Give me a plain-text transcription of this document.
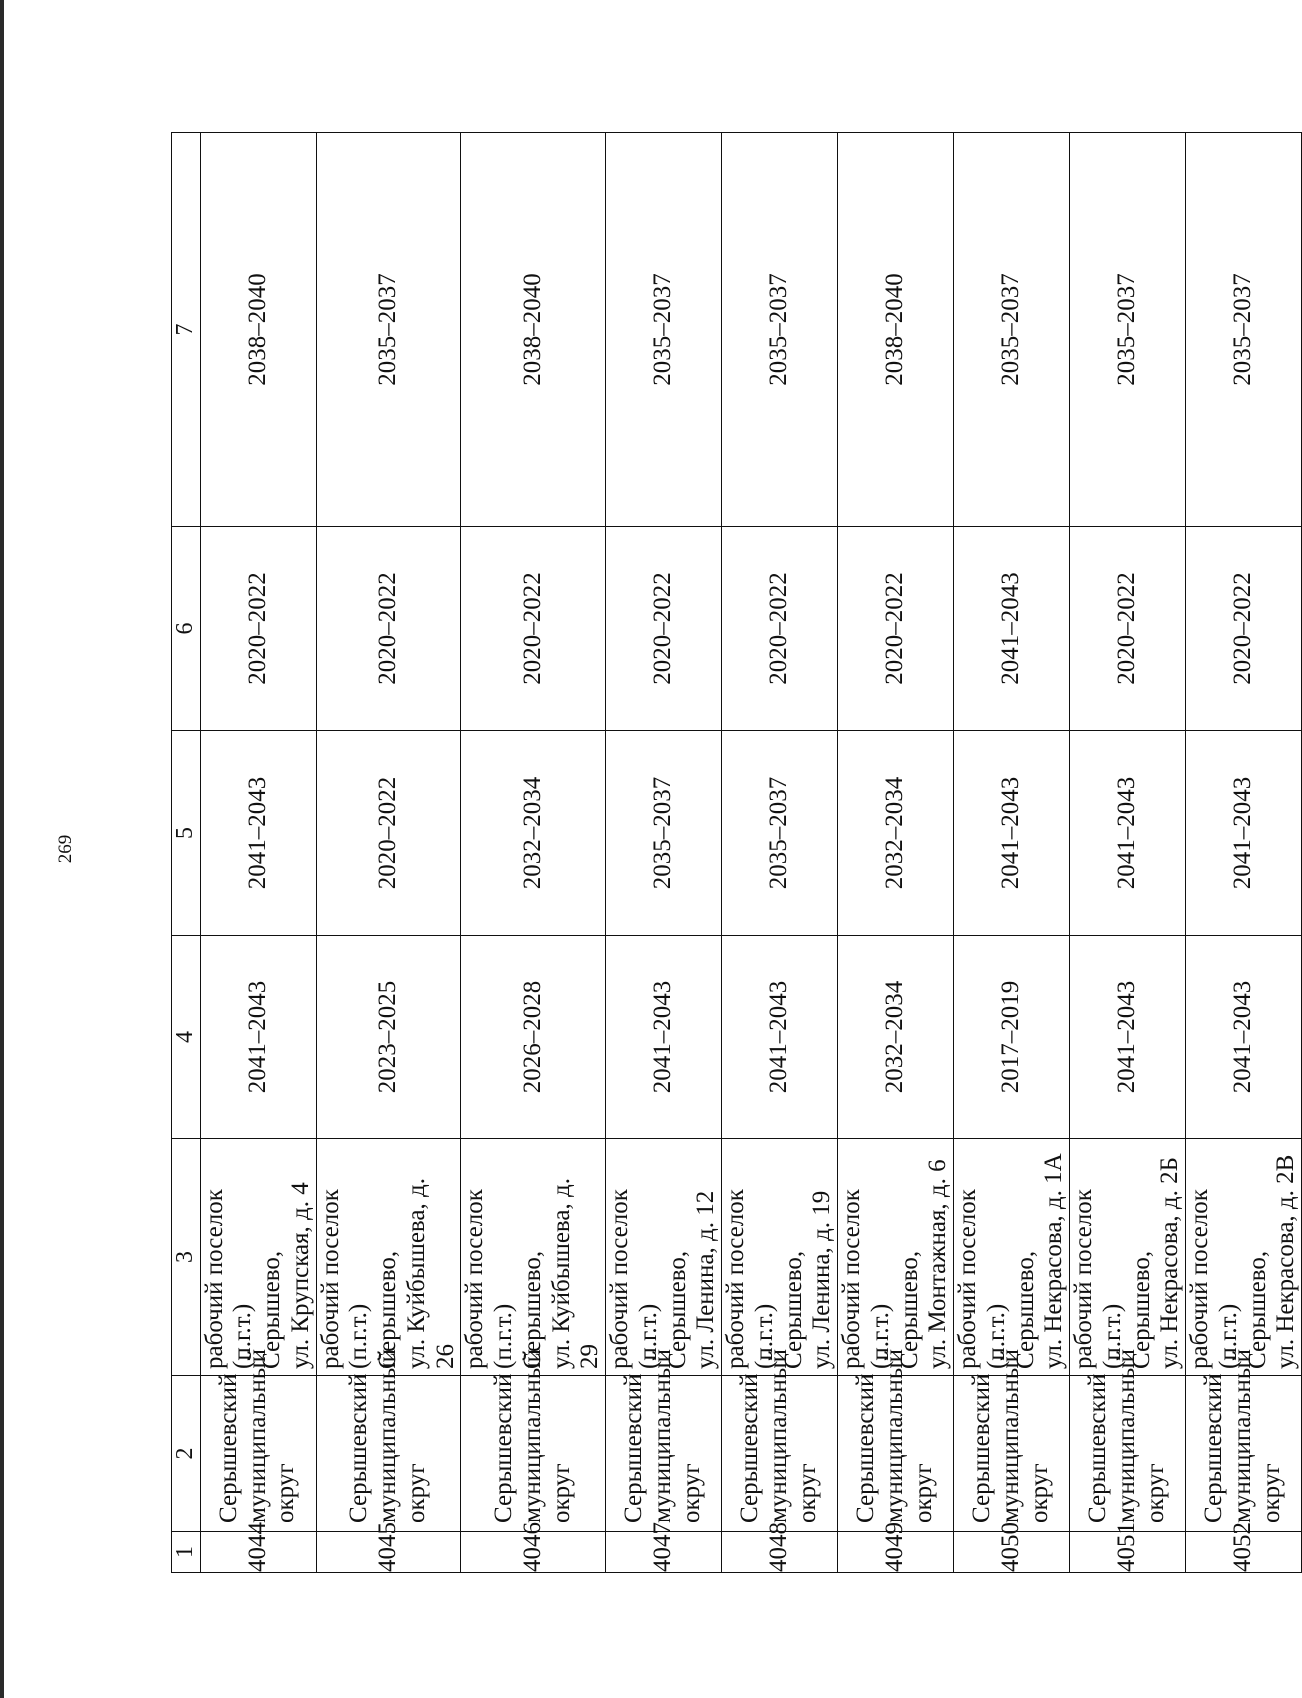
269
1	2	3	4	5	6	7
4044	Серышевский муниципальный округ	рабочий поселок (п.г.т.) Серышево, ул. Крупская, д. 4	2041–2043	2041–2043	2020–2022	2038–2040
4045	Серышевский муниципальный округ	рабочий поселок (п.г.т.) Серышево, ул. Куйбышева, д. 26	2023–2025	2020–2022	2020–2022	2035–2037
4046	Серышевский муниципальный округ	рабочий поселок (п.г.т.) Серышево, ул. Куйбышева, д. 29	2026–2028	2032–2034	2020–2022	2038–2040
4047	Серышевский муниципальный округ	рабочий поселок (п.г.т.) Серышево, ул. Ленина, д. 12	2041–2043	2035–2037	2020–2022	2035–2037
4048	Серышевский муниципальный округ	рабочий поселок (п.г.т.) Серышево, ул. Ленина, д. 19	2041–2043	2035–2037	2020–2022	2035–2037
4049	Серышевский муниципальный округ	рабочий поселок (п.г.т.) Серышево, ул. Монтажная, д. 6	2032–2034	2032–2034	2020–2022	2038–2040
4050	Серышевский муниципальный округ	рабочий поселок (п.г.т.) Серышево, ул. Некрасова, д. 1А	2017–2019	2041–2043	2041–2043	2035–2037
4051	Серышевский муниципальный округ	рабочий поселок (п.г.т.) Серышево, ул. Некрасова, д. 2Б	2041–2043	2041–2043	2020–2022	2035–2037
4052	Серышевский муниципальный округ	рабочий поселок (п.г.т.) Серышево, ул. Некрасова, д. 2В	2041–2043	2041–2043	2020–2022	2035–2037
